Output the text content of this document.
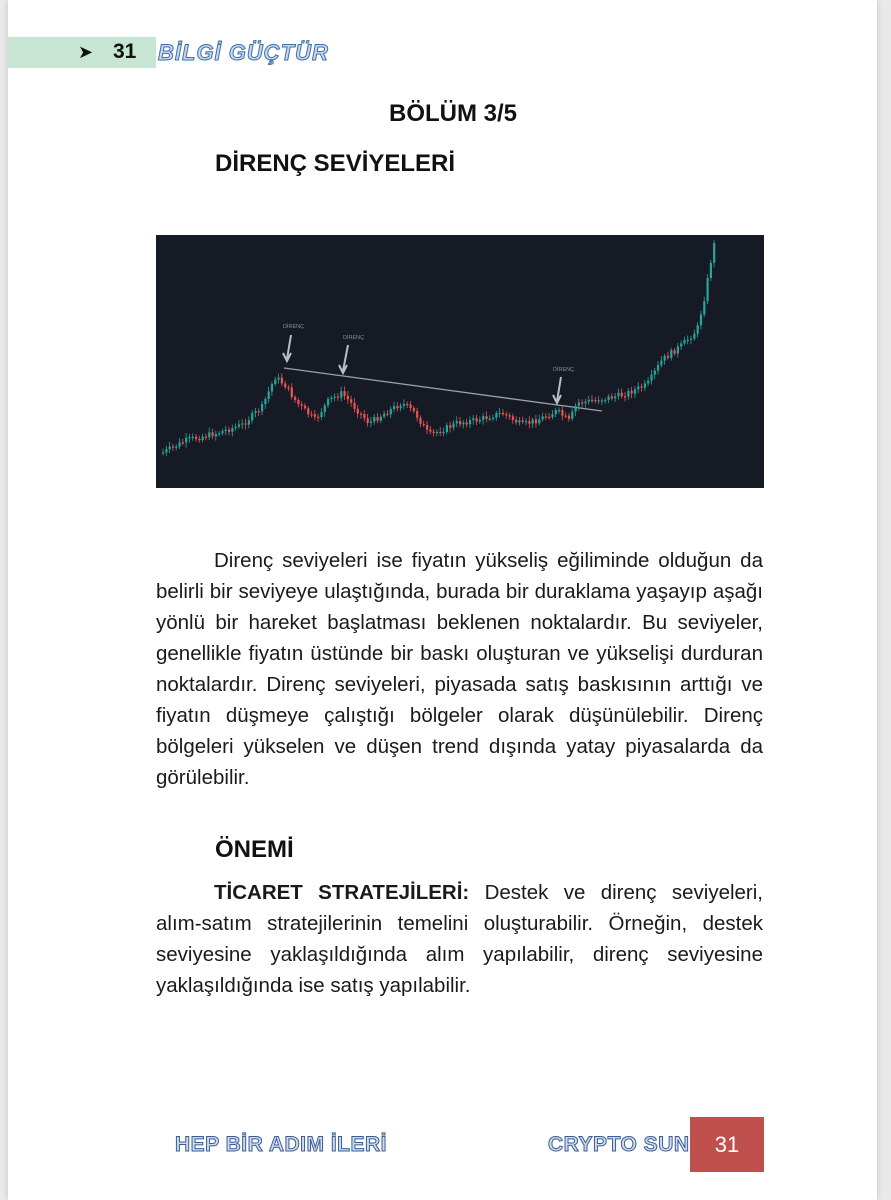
➤ 31 BİLGİ GÜÇTÜR
BÖLÜM 3/5
DİRENÇ SEVİYELERİ
DİRENÇ
DİRENÇ
DİRENÇ
Direnç seviyeleri ise fiyatın yükseliş eğiliminde olduğun da belirli bir seviyeye ulaştığında, burada bir duraklama yaşayıp aşağı yönlü bir hareket başlatması beklenen noktalardır. Bu seviyeler, genellikle fiyatın üstünde bir baskı oluşturan ve yükselişi durduran noktalardır. Direnç seviyeleri, piyasada satış baskısının arttığı ve fiyatın düşmeye çalıştığı bölgeler olarak düşünülebilir. Direnç bölgeleri yükselen ve düşen trend dışında yatay piyasalarda da görülebilir.
ÖNEMİ
TİCARET STRATEJİLERİ: Destek ve direnç seviyeleri, alım-satım stratejilerinin temelini oluşturabilir. Örneğin, destek seviyesine yaklaşıldığında alım yapılabilir, direnç seviyesine yaklaşıldığında ise satış yapılabilir.
HEP BİR ADIM İLERİ	CRYPTO SUN	31
